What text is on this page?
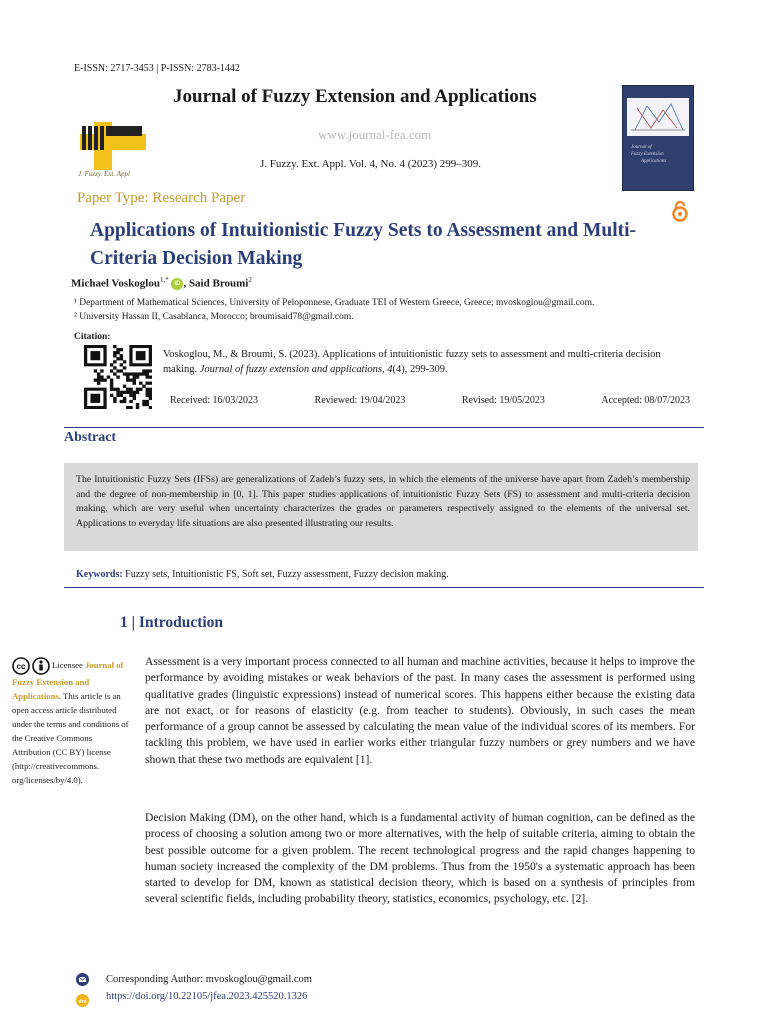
E-ISSN: 2717-3453 | P-ISSN: 2783-1442
Journal of Fuzzy Extension and Applications
www.journal-fea.com
J. Fuzzy. Ext. Appl. Vol. 4, No. 4 (2023) 299–309.
J. Fuzzy. Ext. Appl
Journal of
Fuzzy Extension
Applications
Paper Type: Research Paper
Applications of Intuitionistic Fuzzy Sets to Assessment and Multi-Criteria Decision Making
Michael Voskoglou$^{1,*}$ iD , Said Broumi$^2$
¹ Department of Mathematical Sciences, University of Peloponnese, Graduate TEI of Western Greece, Greece; mvoskoglou@gmail.com.
² University Hassan II, Casablanca, Morocco; broumisaid78@gmail.com.
Citation:
Voskoglou, M., & Broumi, S. (2023). Applications of intuitionistic fuzzy sets to assessment and multi-criteria decision making. Journal of fuzzy extension and applications, 4(4), 299-309.
Received: 16/03/2023	Reviewed: 19/04/2023	Revised: 19/05/2023	Accepted: 08/07/2023
Abstract
The Intuitionistic Fuzzy Sets (IFSs) are generalizations of Zadeh’s fuzzy sets, in which the elements of the universe have apart from Zadeh’s membership and the degree of non-membership in [0, 1]. This paper studies applications of intuitionistic Fuzzy Sets (FS) to assessment and multi-criteria decision making, which are very useful when uncertainty characterizes the grades or parameters respectively assigned to the elements of the universal set. Applications to everyday life situations are also presented illustrating our results.
Keywords: Fuzzy sets, Intuitionistic FS, Soft set, Fuzzy assessment, Fuzzy decision making.
1 | Introduction
cc	Licensee Journal of Fuzzy Extension and Applications. This article is an open access article distributed under the terms and conditions of the Creative Commons Attribution (CC BY) license (http://creativecommons. org/licenses/by/4.0).
Assessment is a very important process connected to all human and machine activities, because it helps to improve the performance by avoiding mistakes or weak behaviors of the past. In many cases the assessment is performed using qualitative grades (linguistic expressions) instead of numerical scores. This happens either because the existing data are not exact, or for reasons of elasticity (e.g. from teacher to students). Obviously, in such cases the mean performance of a group cannot be assessed by calculating the mean value of the individual scores of its members. For tackling this problem, we have used in earlier works either triangular fuzzy numbers or grey numbers and we have shown that these two methods are equivalent [1].
Decision Making (DM), on the other hand, which is a fundamental activity of human cognition, can be defined as the process of choosing a solution among two or more alternatives, with the help of suitable criteria, aiming to obtain the best possible outcome for a given problem. The recent technological progress and the rapid changes happening to human society increased the complexity of the DM problems. Thus from the 1950's a systematic approach has been started to develop for DM, known as statistical decision theory, which is based on a synthesis of principles from several scientific fields, including probability theory, statistics, economics, psychology, etc. [2].
Corresponding Author: mvoskoglou@gmail.com
doi https://doi.org/10.22105/jfea.2023.425520.1326
